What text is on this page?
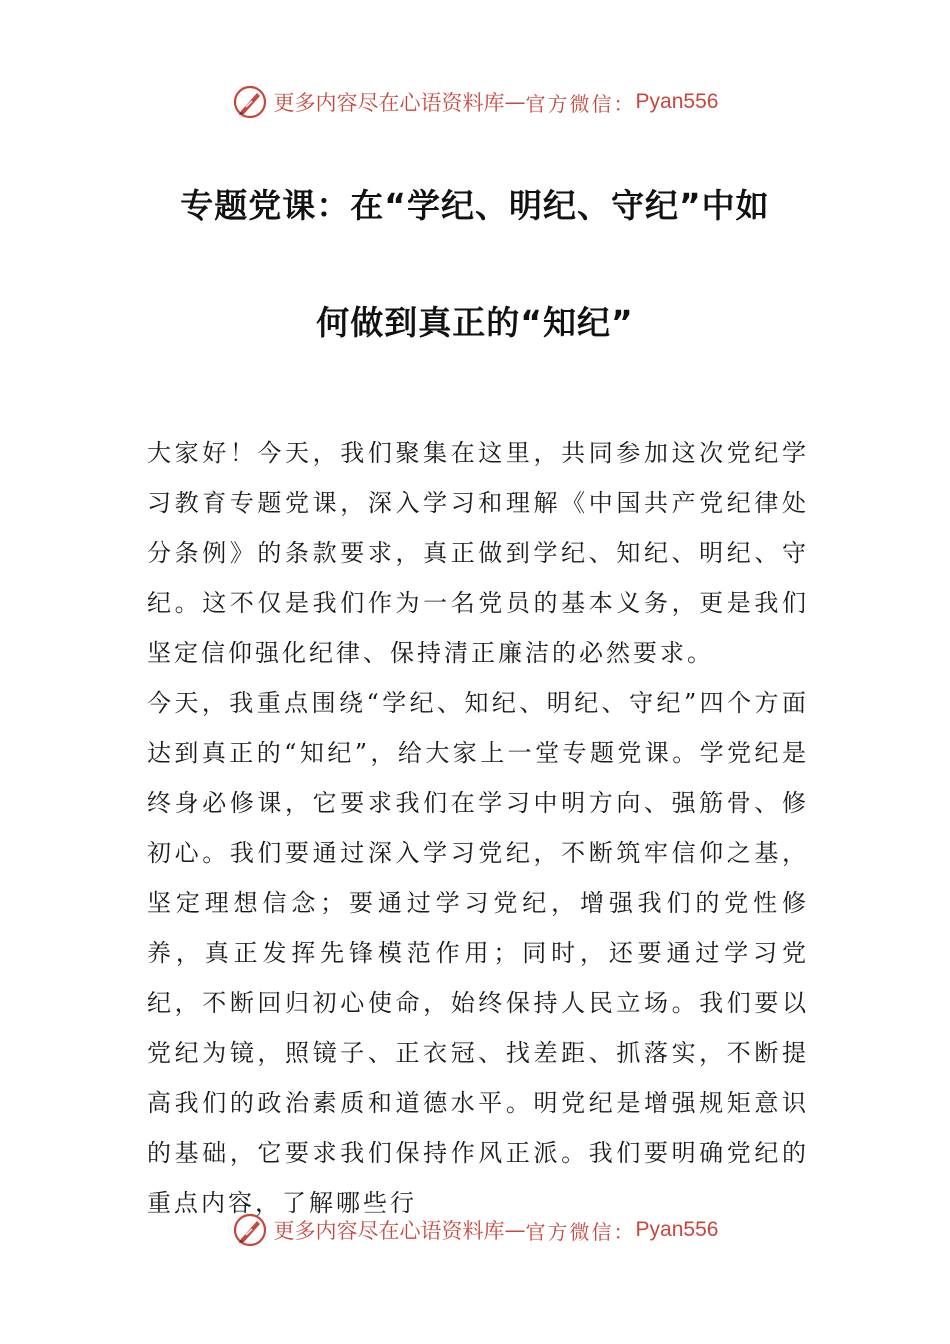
更多内容尽在心语资料库 — 官方微信： Pyan556
专题党课：在“学纪、明纪、守纪”中如
何做到真正的“知纪”

大家好！今天，我们聚集在这里，共同参加这次党纪学习教育专题党课，深入学习和理解《中国共产党纪律处分条例》的条款要求，真正做到学纪、知纪、明纪、守纪。这不仅是我们作为一名党员的基本义务，更是我们坚定信仰强化纪律、保持清正廉洁的必然要求。

今天，我重点围绕“学纪、知纪、明纪、守纪”四个方面达到真正的“知纪”，给大家上一堂专题党课。学党纪是终身必修课，它要求我们在学习中明方向、强筋骨、修初心。我们要通过深入学习党纪，不断筑牢信仰之基，坚定理想信念；要通过学习党纪，增强我们的党性修养，真正发挥先锋模范作用；同时，还要通过学习党纪，不断回归初心使命，始终保持人民立场。我们要以党纪为镜，照镜子、正衣冠、找差距、抓落实，不断提高我们的政治素质和道德水平。明党纪是增强规矩意识的基础，它要求我们保持作风正派。我们要明确党纪的重点内容，了解哪些行

更多内容尽在心语资料库 — 官方微信： Pyan556
